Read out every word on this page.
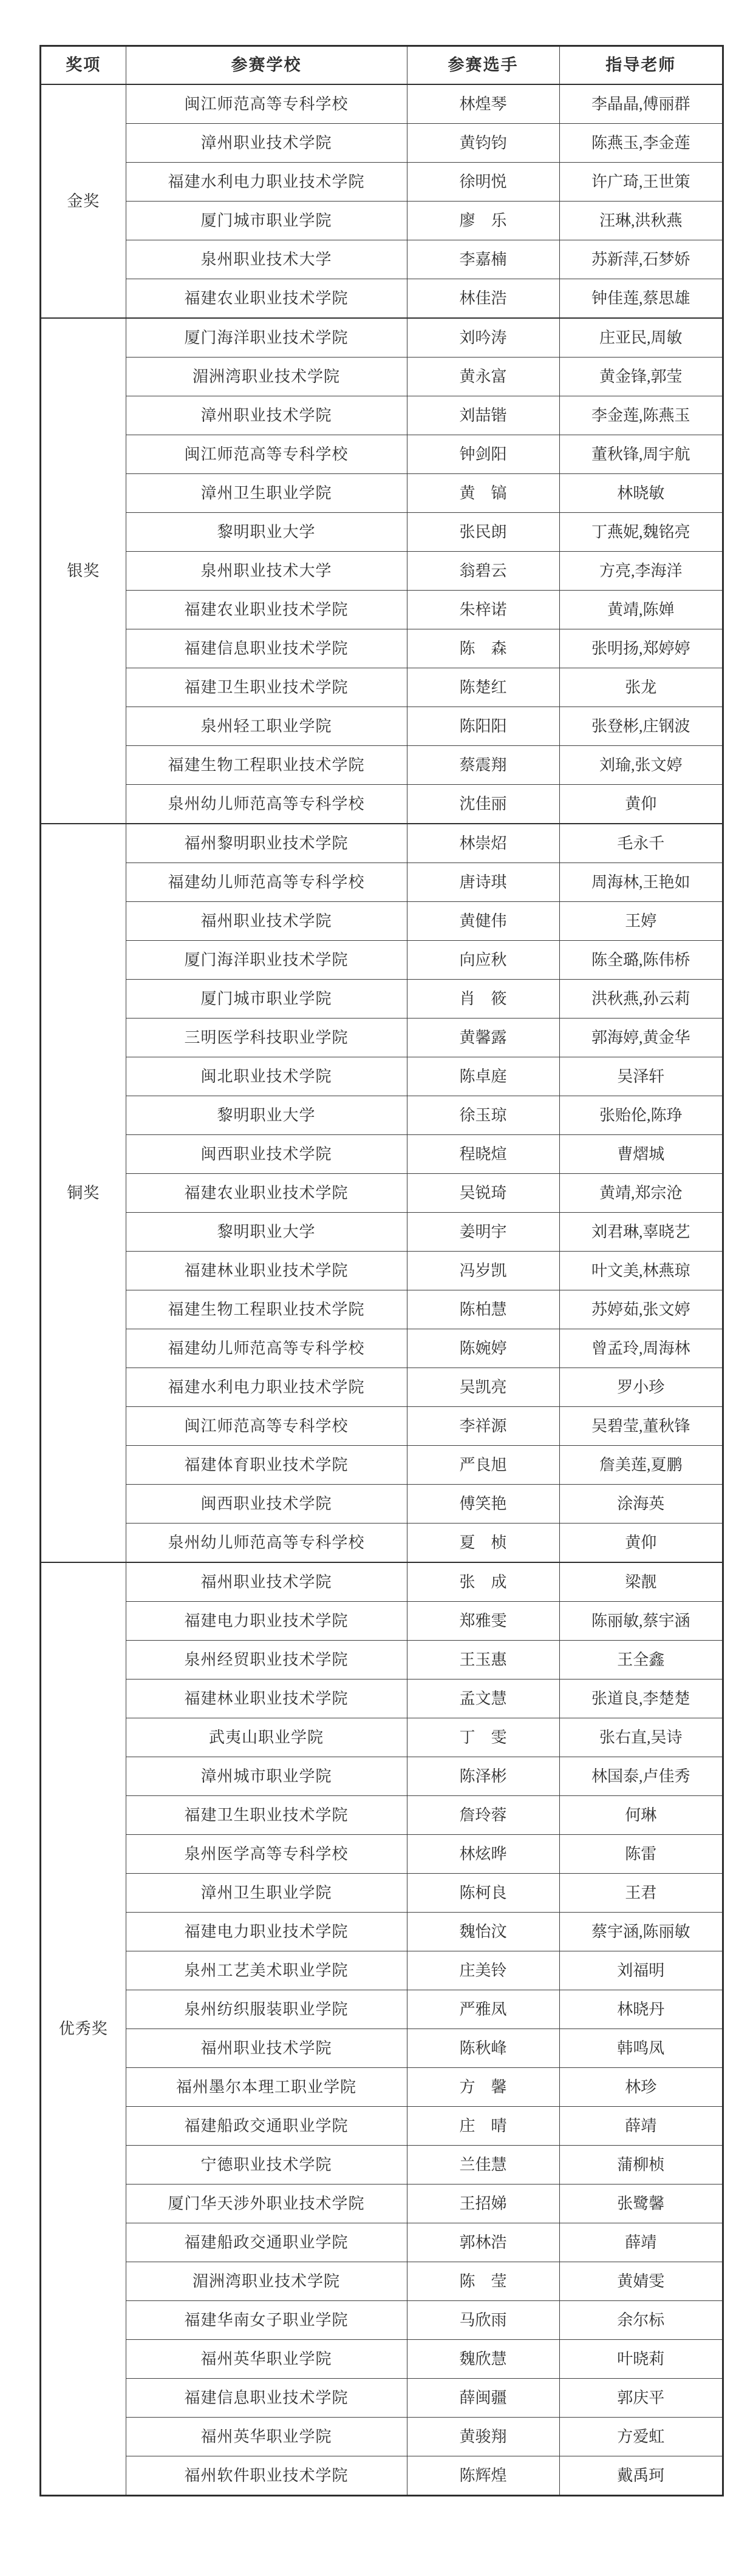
奖项	参赛学校	参赛选手	指导老师
金奖	闽江师范高等专科学校	林煌琴	李晶晶,傅丽群
	漳州职业技术学院	黄钧钧	陈燕玉,李金莲
	福建水利电力职业技术学院	徐明悦	许广琦,王世策
	厦门城市职业学院	廖　乐	汪琳,洪秋燕
	泉州职业技术大学	李嘉楠	苏新萍,石梦娇
	福建农业职业技术学院	林佳浩	钟佳莲,蔡思雄
银奖	厦门海洋职业技术学院	刘吟涛	庄亚民,周敏
	湄洲湾职业技术学院	黄永富	黄金锋,郭莹
	漳州职业技术学院	刘喆锴	李金莲,陈燕玉
	闽江师范高等专科学校	钟剑阳	董秋锋,周宇航
	漳州卫生职业学院	黄　镐	林晓敏
	黎明职业大学	张民朗	丁燕妮,魏铭亮
	泉州职业技术大学	翁碧云	方亮,李海洋
	福建农业职业技术学院	朱梓诺	黄靖,陈婵
	福建信息职业技术学院	陈　森	张明扬,郑婷婷
	福建卫生职业技术学院	陈楚红	张龙
	泉州轻工职业学院	陈阳阳	张登彬,庄钢波
	福建生物工程职业技术学院	蔡震翔	刘瑜,张文婷
	泉州幼儿师范高等专科学校	沈佳丽	黄仰
铜奖	福州黎明职业技术学院	林崇炤	毛永千
	福建幼儿师范高等专科学校	唐诗琪	周海林,王艳如
	福州职业技术学院	黄健伟	王婷
	厦门海洋职业技术学院	向应秋	陈全璐,陈伟桥
	厦门城市职业学院	肖　筱	洪秋燕,孙云莉
	三明医学科技职业学院	黄馨露	郭海婷,黄金华
	闽北职业技术学院	陈卓庭	吴泽轩
	黎明职业大学	徐玉琼	张贻伦,陈琤
	闽西职业技术学院	程晓煊	曹熠城
	福建农业职业技术学院	吴锐琦	黄靖,郑宗沧
	黎明职业大学	姜明宇	刘君琳,辜晓艺
	福建林业职业技术学院	冯岁凯	叶文美,林燕琼
	福建生物工程职业技术学院	陈柏慧	苏婷茹,张文婷
	福建幼儿师范高等专科学校	陈婉婷	曾孟玲,周海林
	福建水利电力职业技术学院	吴凯亮	罗小珍
	闽江师范高等专科学校	李祥源	吴碧莹,董秋锋
	福建体育职业技术学院	严良旭	詹美莲,夏鹏
	闽西职业技术学院	傅笑艳	涂海英
	泉州幼儿师范高等专科学校	夏　桢	黄仰
优秀奖	福州职业技术学院	张　成	梁靓
	福建电力职业技术学院	郑雅雯	陈丽敏,蔡宇涵
	泉州经贸职业技术学院	王玉惠	王全鑫
	福建林业职业技术学院	孟文慧	张道良,李楚楚
	武夷山职业学院	丁　雯	张右直,吴诗
	漳州城市职业学院	陈泽彬	林国泰,卢佳秀
	福建卫生职业技术学院	詹玲蓉	何琳
	泉州医学高等专科学校	林炫晔	陈雷
	漳州卫生职业学院	陈柯良	王君
	福建电力职业技术学院	魏怡汶	蔡宇涵,陈丽敏
	泉州工艺美术职业学院	庄美铃	刘福明
	泉州纺织服装职业学院	严雅凤	林晓丹
	福州职业技术学院	陈秋峰	韩鸣凤
	福州墨尔本理工职业学院	方　馨	林珍
	福建船政交通职业学院	庄　晴	薛靖
	宁德职业技术学院	兰佳慧	蒲柳桢
	厦门华天涉外职业技术学院	王招娣	张鹭馨
	福建船政交通职业学院	郭林浩	薛靖
	湄洲湾职业技术学院	陈　莹	黄婧雯
	福建华南女子职业学院	马欣雨	余尔标
	福州英华职业学院	魏欣慧	叶晓莉
	福建信息职业技术学院	薛闽疆	郭庆平
	福州英华职业学院	黄骏翔	方爱虹
	福州软件职业技术学院	陈辉煌	戴禹珂
